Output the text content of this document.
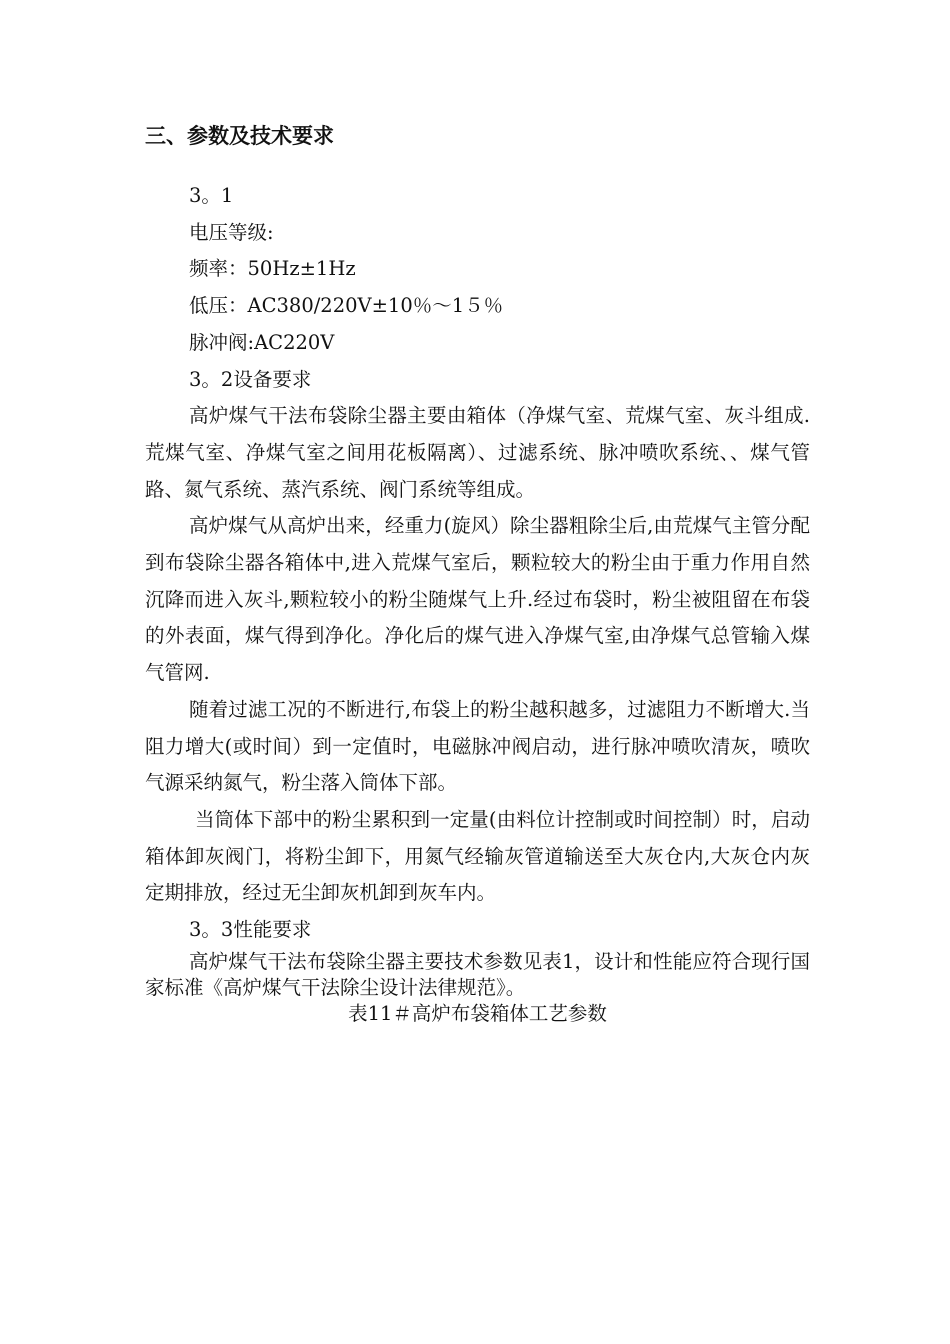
三、参数及技术要求

3。1

电压等级:

频率：50Hz±1Hz

低压：AC380/220V±10％～1５％

脉冲阀:AC220V

3。2设备要求

高炉煤气干法布袋除尘器主要由箱体（净煤气室、荒煤气室、灰斗组成.荒煤气室、净煤气室之间用花板隔离）、过滤系统、脉冲喷吹系统、、煤气管路、氮气系统、蒸汽系统、阀门系统等组成。

高炉煤气从高炉出来，经重力(旋风）除尘器粗除尘后,由荒煤气主管分配到布袋除尘器各箱体中,进入荒煤气室后，颗粒较大的粉尘由于重力作用自然沉降而进入灰斗,颗粒较小的粉尘随煤气上升.经过布袋时，粉尘被阻留在布袋的外表面，煤气得到净化。净化后的煤气进入净煤气室,由净煤气总管输入煤气管网.

随着过滤工况的不断进行,布袋上的粉尘越积越多，过滤阻力不断增大.当阻力增大(或时间）到一定值时，电磁脉冲阀启动，进行脉冲喷吹清灰，喷吹气源采纳氮气，粉尘落入筒体下部。

当筒体下部中的粉尘累积到一定量(由料位计控制或时间控制）时，启动箱体卸灰阀门，将粉尘卸下，用氮气经输灰管道输送至大灰仓内,大灰仓内灰定期排放，经过无尘卸灰机卸到灰车内。

3。3性能要求

高炉煤气干法布袋除尘器主要技术参数见表1，设计和性能应符合现行国家标准《高炉煤气干法除尘设计法律规范》。

表11＃高炉布袋箱体工艺参数
